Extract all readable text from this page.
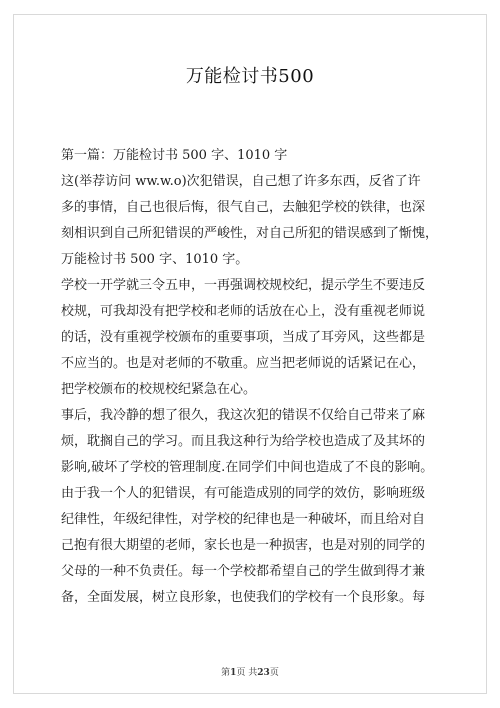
万能检讨书500
第一篇：万能检讨书 500 字、1010 字
这(举荐访问 ww.w.o)次犯错误，自己想了许多东西，反省了许
多的事情，自己也很后悔，很气自己，去触犯学校的铁律，也深
刻相识到自己所犯错误的严峻性，对自己所犯的错误感到了惭愧，
万能检讨书 500 字、1010 字。
学校一开学就三令五申，一再强调校规校纪，提示学生不要违反
校规，可我却没有把学校和老师的话放在心上，没有重视老师说
的话，没有重视学校颁布的重要事项，当成了耳旁风，这些都是
不应当的。也是对老师的不敬重。应当把老师说的话紧记在心，
把学校颁布的校规校纪紧急在心。
事后，我冷静的想了很久，我这次犯的错误不仅给自己带来了麻
烦，耽搁自己的学习。而且我这种行为给学校也造成了及其坏的
影响,破坏了学校的管理制度.在同学们中间也造成了不良的影响。
由于我一个人的犯错误，有可能造成别的同学的效仿，影响班级
纪律性，年级纪律性，对学校的纪律也是一种破坏，而且给对自
己抱有很大期望的老师，家长也是一种损害，也是对别的同学的
父母的一种不负责任。每一个学校都希望自己的学生做到得才兼
备，全面发展，树立良形象，也使我们的学校有一个良形象。每
第1页 共23页
